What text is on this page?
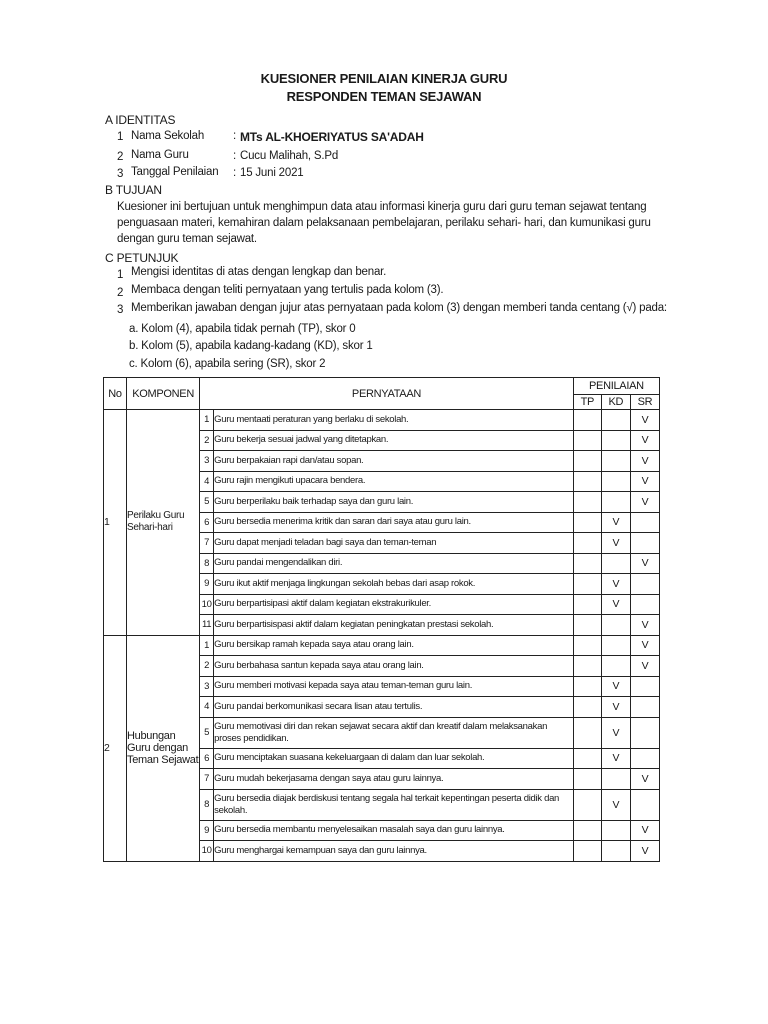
KUESIONER PENILAIAN KINERJA GURU
RESPONDEN TEMAN SEJAWAN
A IDENTITAS
1 Nama Sekolah	: MTs AL-KHOERIYATUS SA'ADAH
2 Nama Guru	: Cucu Malihah, S.Pd
3 Tanggal Penilaian : 15 Juni 2021
B TUJUAN
Kuesioner ini bertujuan untuk menghimpun data atau informasi kinerja guru dari guru teman sejawat tentang penguasaan materi, kemahiran dalam pelaksanaan pembelajaran, perilaku sehari- hari, dan kumunikasi guru dengan guru teman sejawat.
C PETUNJUK
1 Mengisi identitas di atas dengan lengkap dan benar.
2 Membaca dengan teliti pernyataan yang tertulis pada kolom (3).
3 Memberikan jawaban dengan jujur atas pernyataan pada kolom (3) dengan memberi tanda centang (√) pada:
a. Kolom (4), apabila tidak pernah (TP), skor 0
b. Kolom (5), apabila kadang-kadang (KD), skor 1
c. Kolom (6), apabila sering (SR), skor 2
No	KOMPONEN	PERNYATAAN		PENILAIAN		
				TP	KD	SR
1	Perilaku Guru Sehari-hari	1	Guru mentaati peraturan yang berlaku di sekolah.			V
		2	Guru bekerja sesuai jadwal yang ditetapkan.			V
		3	Guru berpakaian rapi dan/atau sopan.			V
		4	Guru rajin mengikuti upacara bendera.			V
		5	Guru berperilaku baik terhadap saya dan guru lain.			V
		6	Guru bersedia menerima kritik dan saran dari saya atau guru lain.		V	
		7	Guru dapat menjadi teladan bagi saya dan teman-teman		V	
		8	Guru pandai mengendalikan diri.			V
		9	Guru ikut aktif menjaga lingkungan sekolah bebas dari asap rokok.		V	
		10	Guru berpartisipasi aktif dalam kegiatan ekstrakurikuler.		V	
		11	Guru berpartisispasi aktif dalam kegiatan peningkatan prestasi sekolah.			V
2	Hubungan Guru dengan Teman Sejawat	1	Guru bersikap ramah kepada saya atau orang lain.			V
		2	Guru berbahasa santun kepada saya atau orang lain.			V
		3	Guru memberi motivasi kepada saya atau teman-teman guru lain.		V	
		4	Guru pandai berkomunikasi secara lisan atau tertulis.		V	
		5	Guru memotivasi diri dan rekan sejawat secara aktif dan kreatif dalam melaksanakan proses pendidikan.		V	
		6	Guru menciptakan suasana kekeluargaan di dalam dan luar sekolah.		V	
		7	Guru mudah bekerjasama dengan saya atau guru lainnya.			V
		8	Guru bersedia diajak berdiskusi tentang segala hal terkait kepentingan peserta didik dan sekolah.		V	
		9	Guru bersedia membantu menyelesaikan masalah saya dan guru lainnya.			V
		10	Guru menghargai kemampuan saya dan guru lainnya.			V
